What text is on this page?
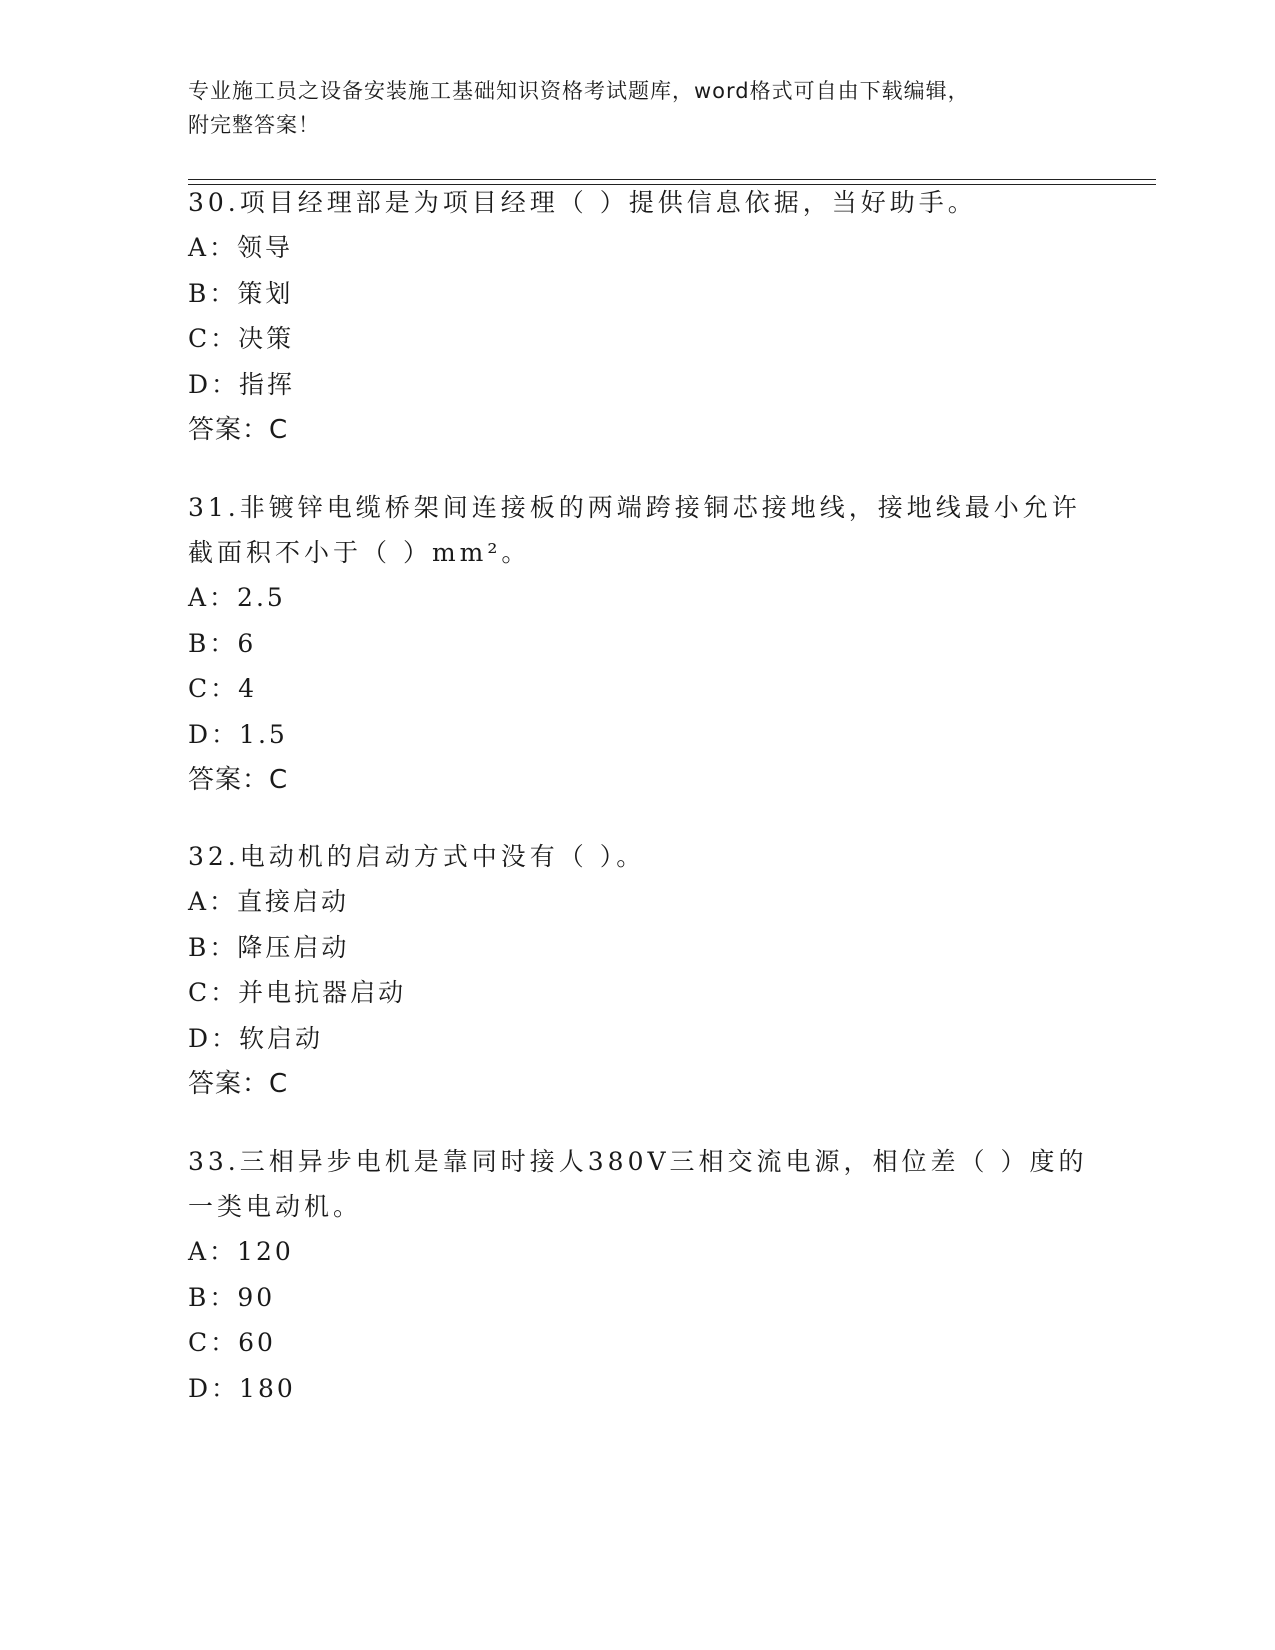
专业施工员之设备安装施工基础知识资格考试题库，word格式可自由下载编辑，
附完整答案！
30.项目经理部是为项目经理（ ）提供信息依据，当好助手。
A：领导
B：策划
C：决策
D：指挥
答案：C
31.非镀锌电缆桥架间连接板的两端跨接铜芯接地线，接地线最小允许
截面积不小于（ ）mm²。
A：2.5
B：6
C：4
D：1.5
答案：C
32.电动机的启动方式中没有（ ）。
A：直接启动
B：降压启动
C：并电抗器启动
D：软启动
答案：C
33.三相异步电机是靠同时接人380V三相交流电源，相位差（ ）度的
一类电动机。
A：120
B：90
C：60
D：180
